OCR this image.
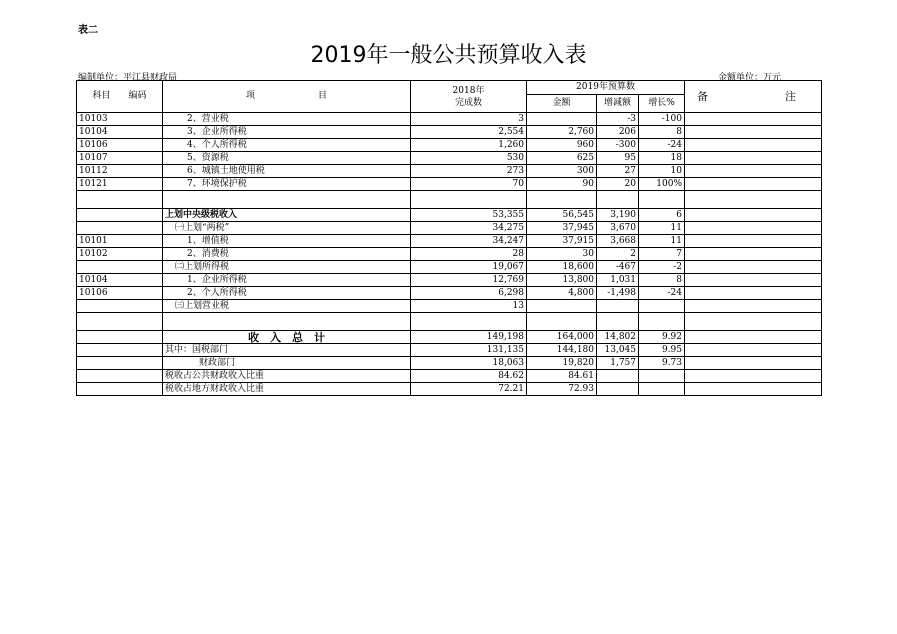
表二
2019年一般公共预算收入表
编制单位：平江县财政局	金额单位：万元
科目　　编码	项　　　　　　　目	2018年
完成数	2019年预算数			备　　　　　　　注
			金额	增减额	增长%	
10103	2、营业税	3		-3	-100	
10104	3、企业所得税	2,554	2,760	206	8	
10106	4、个人所得税	1,260	960	-300	-24	
10107	5、资源税	530	625	95	18	
10112	6、城镇土地使用税	273	300	27	10	
10121	7、环境保护税	70	90	20	100%	

	上划中央级税收入	53,355	56,545	3,190	6	
	㈠上划“两税”	34,275	37,945	3,670	11	
10101	1、增值税	34,247	37,915	3,668	11	
10102	2、消费税	28	30	2	7	
	㈡上划所得税	19,067	18,600	-467	-2	
10104	1、企业所得税	12,769	13,800	1,031	8	
10106	2、个人所得税	6,298	4,800	-1,498	-24	
	㈢上划营业税	13				

	收　入　总　计	149,198	164,000	14,802	9.92	
	其中：国税部门	131,135	144,180	13,045	9.95	
	财政部门	18,063	19,820	1,757	9.73	
	税收占公共财政收入比重	84.62	84.61			
	税收占地方财政收入比重	72.21	72.93			
